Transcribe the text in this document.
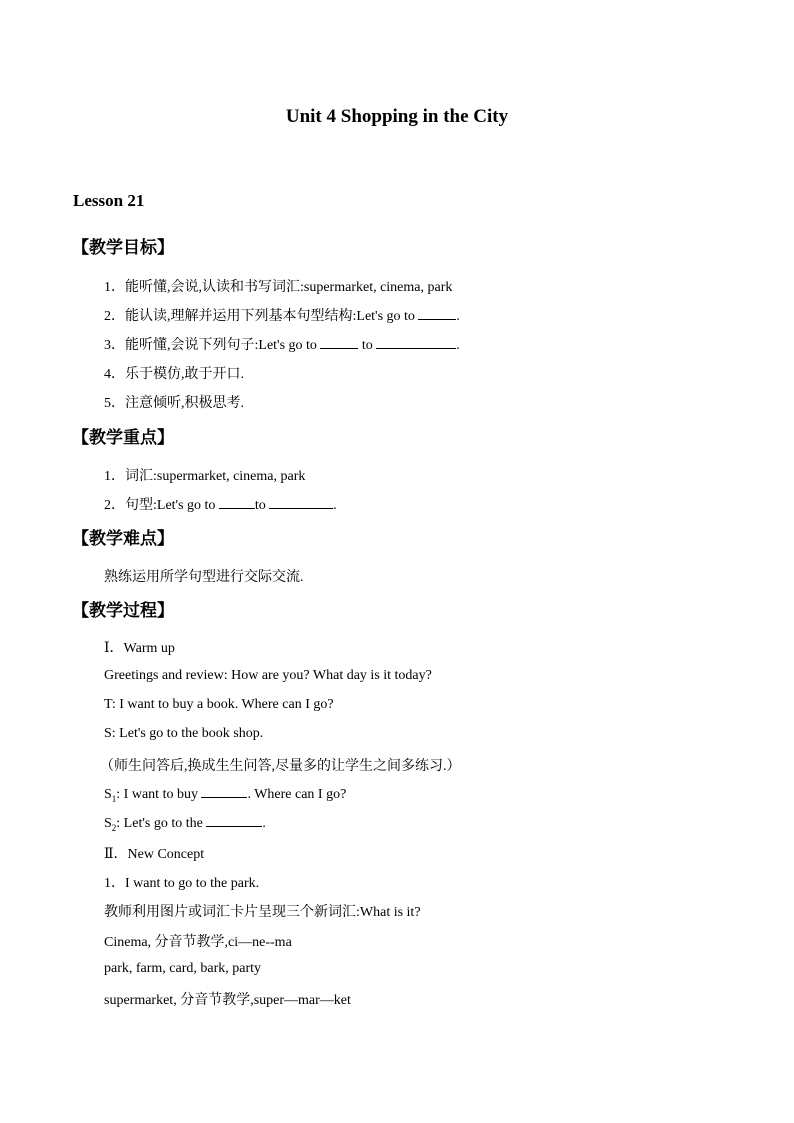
Unit 4 Shopping in the City
Lesson 21
【教学目标】
1．能听懂,会说,认读和书写词汇:supermarket, cinema, park
2．能认读,理解并运用下列基本句型结构:Let's go to	.
3．能听懂,会说下列句子:Let's go to	to	.
4．乐于模仿,敢于开口.
5．注意倾听,积极思考.
【教学重点】
1．词汇:supermarket, cinema, park
2．句型:Let's go to	to	.
【教学难点】
熟练运用所学句型进行交际交流.
【教学过程】
Ⅰ．Warm up
Greetings and review: How are you? What day is it today?
T: I want to buy a book. Where can I go?
S: Let's go to the book shop.
（师生问答后,换成生生问答,尽量多的让学生之间多练习.）
$S_1$: I want to buy	. Where can I go?
$S_2$: Let's go to the	.
Ⅱ．New Concept
1．I want to go to the park.
教师利用图片或词汇卡片呈现三个新词汇:What is it?
Cinema, 分音节教学,ci—ne--ma
park, farm, card, bark, party
supermarket, 分音节教学,super—mar—ket
